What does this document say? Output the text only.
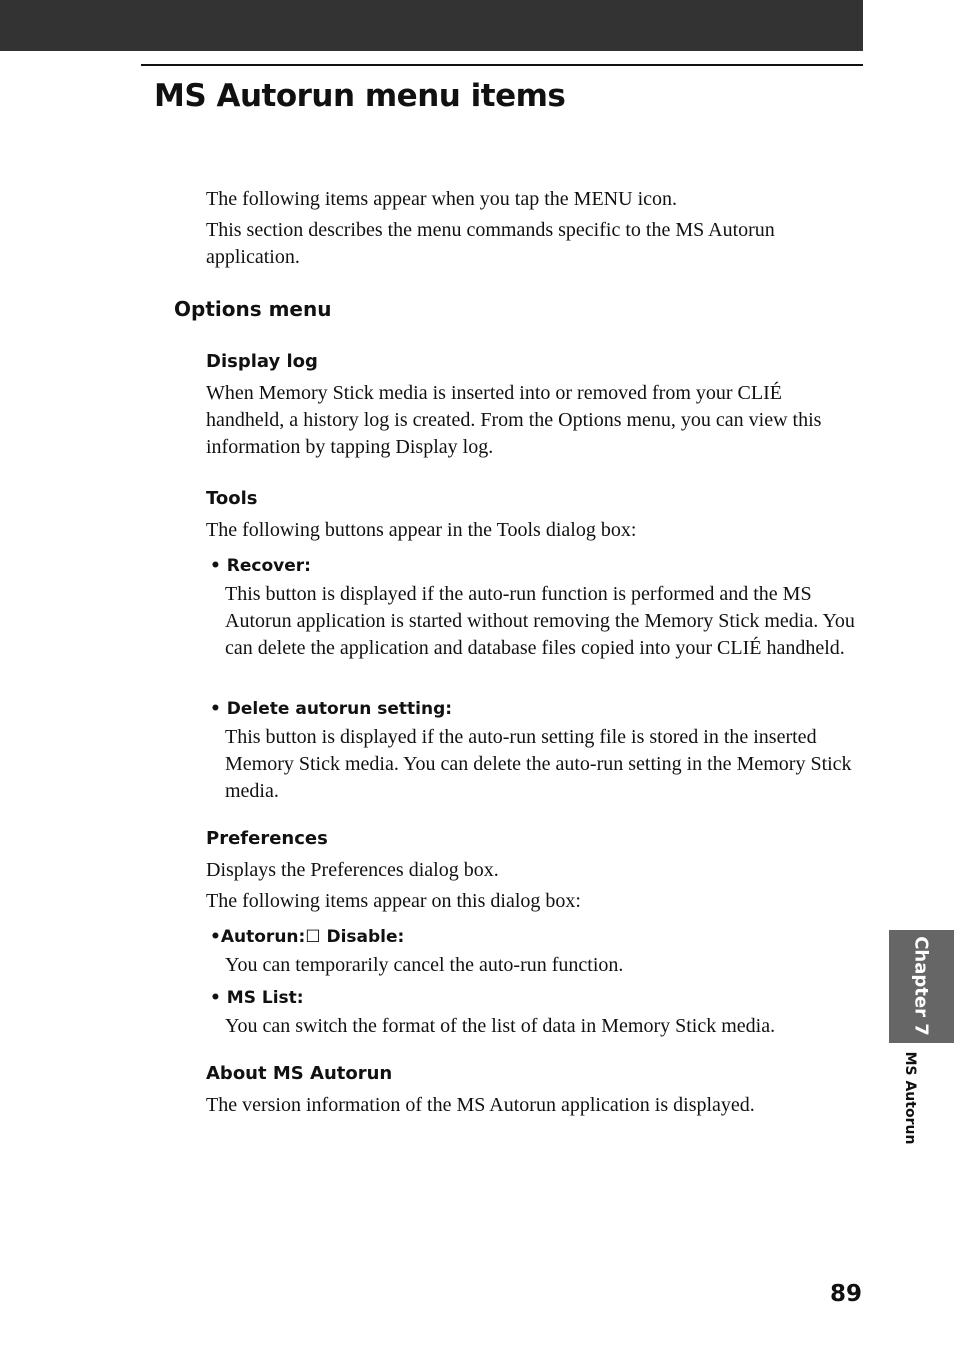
MS Autorun menu items

The following items appear when you tap the MENU icon.

This section describes the menu commands specific to the MS Autorun application.

Options menu
Display log

When Memory Stick media is inserted into or removed from your CLIÉ handheld, a history log is created. From the Options menu, you can view this information by tapping Display log.

Tools

The following buttons appear in the Tools dialog box:

• Recover:

This button is displayed if the auto-run function is performed and the MS Autorun application is started without removing the Memory Stick media. You can delete the application and database files copied into your CLIÉ handheld.

• Delete autorun setting:

This button is displayed if the auto-run setting file is stored in the inserted Memory Stick media. You can delete the auto-run setting in the Memory Stick media.

Preferences

Displays the Preferences dialog box.

The following items appear on this dialog box:

•Autorun:☐ Disable:

You can temporarily cancel the auto-run function.

• MS List:

You can switch the format of the list of data in Memory Stick media.

About MS Autorun

The version information of the MS Autorun application is displayed.

Chapter 7
MS Autorun

89
